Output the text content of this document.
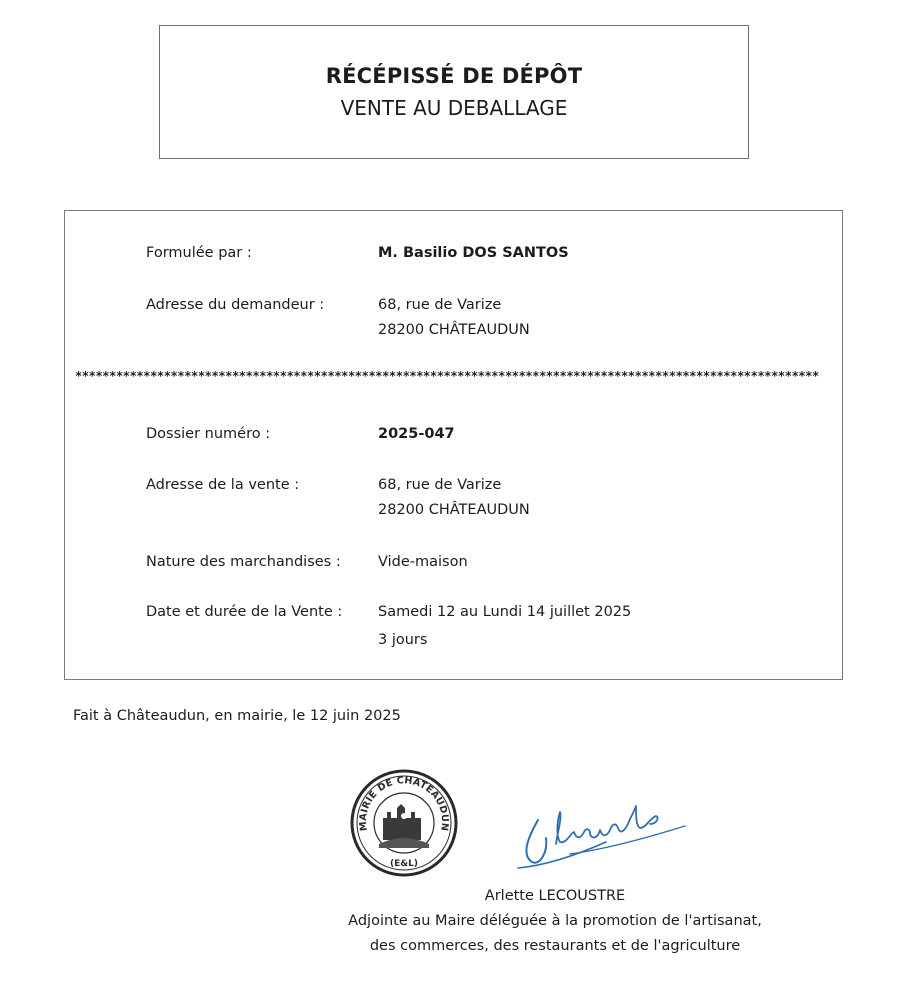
RÉCÉPISSÉ DE DÉPÔT
VENTE AU DEBALLAGE
Formulée par :	M. Basilio DOS SANTOS
Adresse du demandeur :	68, rue de Varize
28200 CHÂTEAUDUN
*************************************************************************************************************
Dossier numéro :	2025-047
Adresse de la vente :	68, rue de Varize
28200 CHÂTEAUDUN
Nature des marchandises :	Vide-maison
Date et durée de la Vente : Samedi 12 au Lundi 14 juillet 2025
3 jours
Fait à Châteaudun, en mairie, le 12 juin 2025
MAIRIE DE CHATEAUDUN
(E&L)
Arlette LECOUSTRE
Adjointe au Maire déléguée à la promotion de l'artisanat,
des commerces, des restaurants et de l'agriculture
